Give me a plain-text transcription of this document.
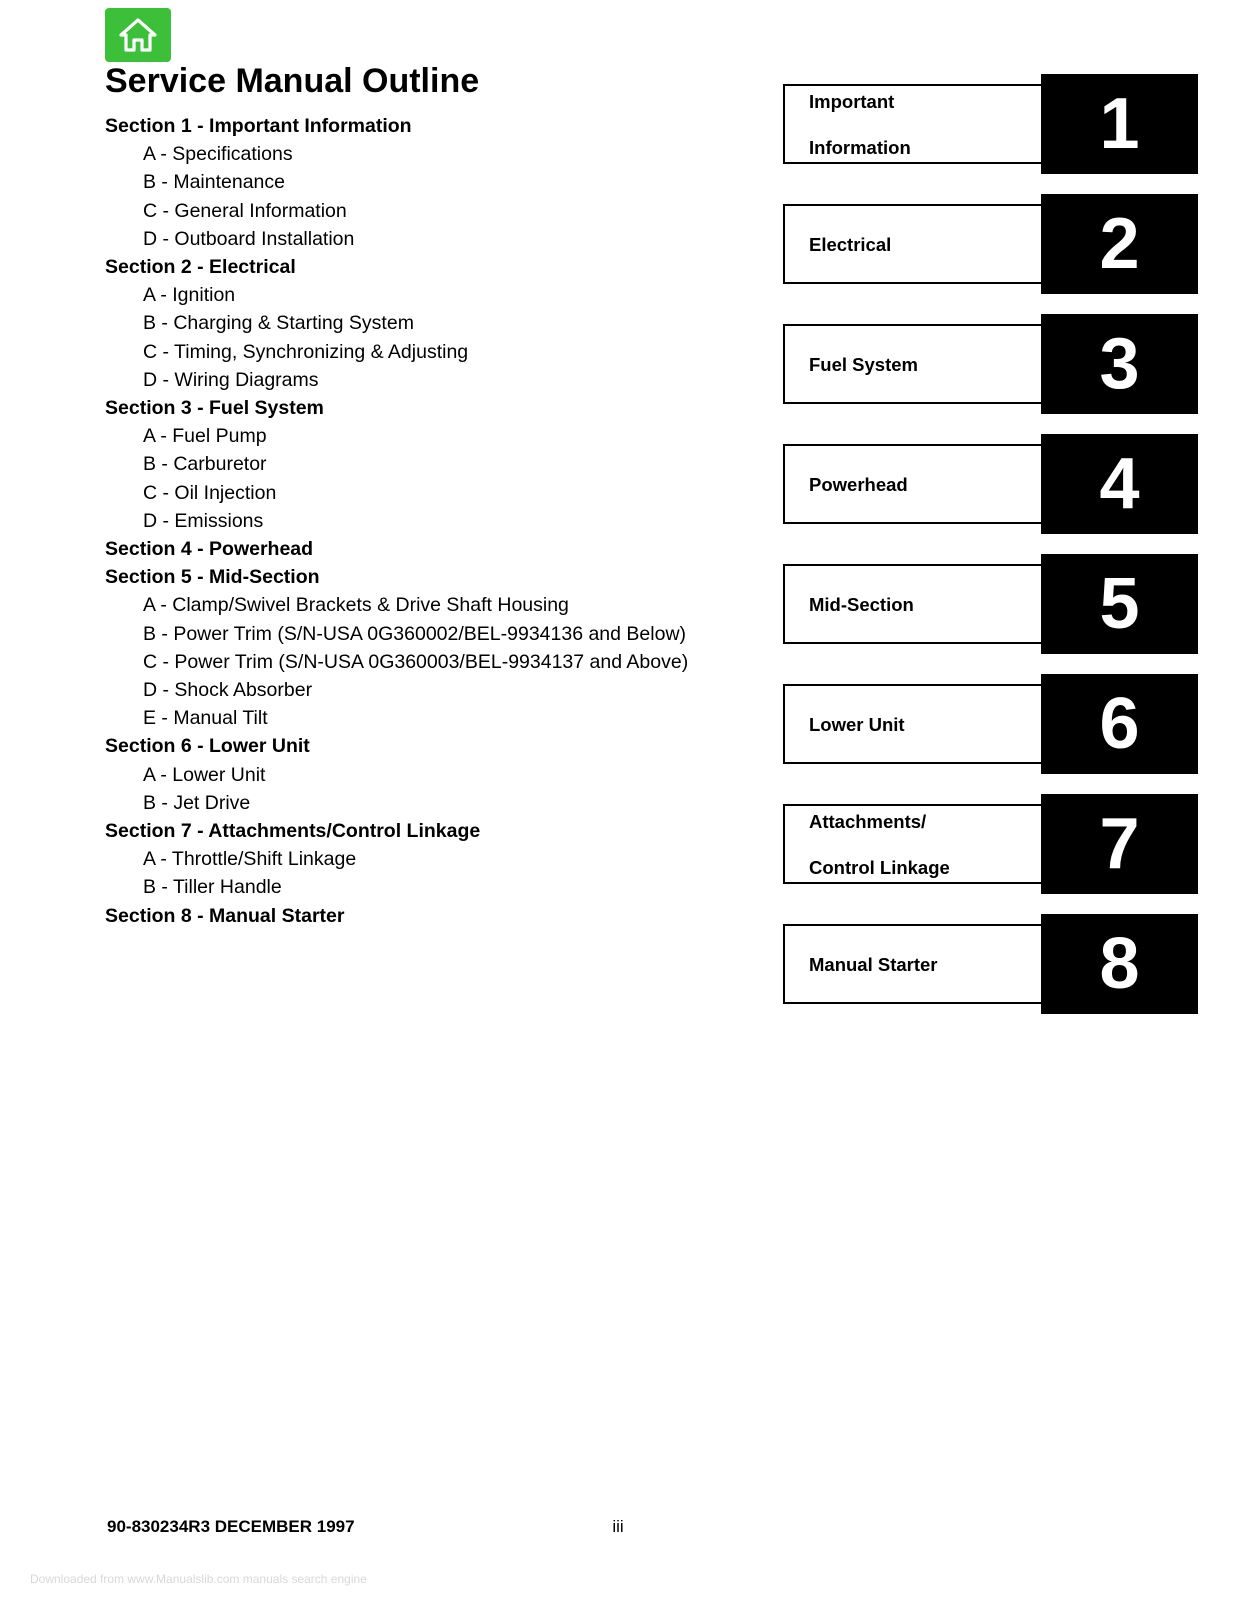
Service Manual Outline
Section 1 - Important Information
A - Specifications
B - Maintenance
C - General Information
D - Outboard Installation
Section 2 - Electrical
A - Ignition
B - Charging & Starting System
C - Timing, Synchronizing & Adjusting
D - Wiring Diagrams
Section 3 - Fuel System
A - Fuel Pump
B - Carburetor
C - Oil Injection
D - Emissions
Section 4 - Powerhead
Section 5 - Mid-Section
A - Clamp/Swivel Brackets & Drive Shaft Housing
B - Power Trim (S/N-USA 0G360002/BEL-9934136 and Below)
C - Power Trim (S/N-USA 0G360003/BEL-9934137 and Above)
D - Shock Absorber
E - Manual Tilt
Section 6 - Lower Unit
A - Lower Unit
B - Jet Drive
Section 7 - Attachments/Control Linkage
A - Throttle/Shift Linkage
B - Tiller Handle
Section 8 - Manual Starter
Important

Information	1
Electrical	2
Fuel System	3
Powerhead	4
Mid-Section	5
Lower Unit	6
Attachments/

Control Linkage	7
Manual Starter	8
90-830234R3 DECEMBER 1997	iii
Downloaded from www.Manualslib.com manuals search engine
